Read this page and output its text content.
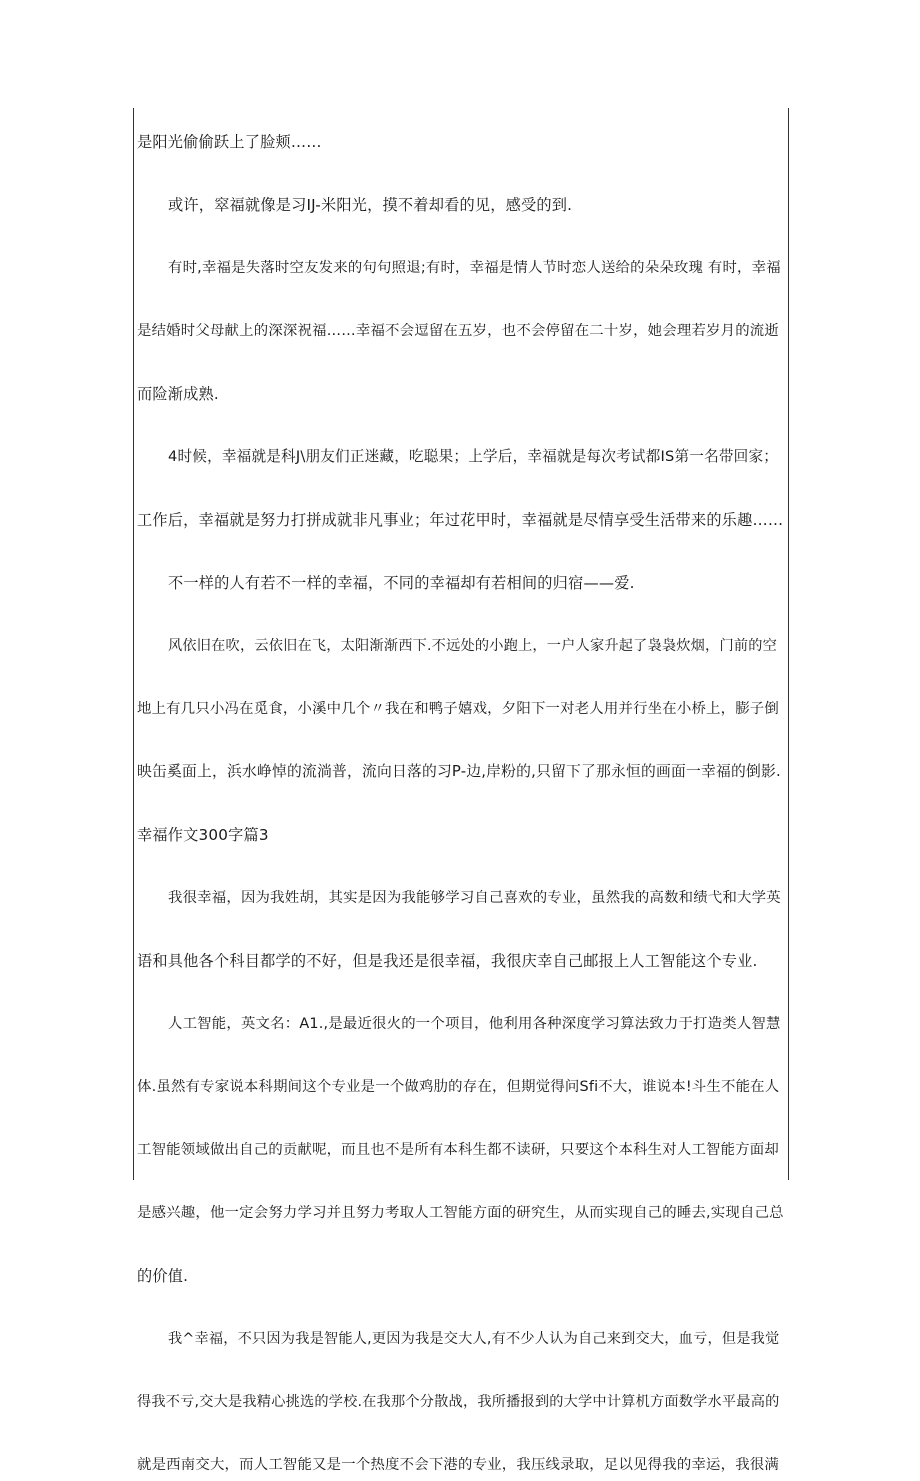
是阳光偷偷跃上了脸颊……
或许，窣福就像是习IJ-米阳光，摸不着却看的见，感受的到.
有时,幸福是失落时空友发来的句句照退;有时，幸福是情人节时恋人送给的朵朵玫瑰 有时，幸福
是结婚时父母献上的深深祝福……幸福不会逗留在五岁，也不会停留在二十岁，她会理若岁月的流逝
而险渐成熟.
4时候，幸福就是科J\朋友们正迷藏，吃聪果；上学后，幸福就是每次考试都IS第一名带回家；
工作后，幸福就是努力打拼成就非凡事业；年过花甲时，幸福就是尽情享受生活带来的乐趣……
不一样的人有若不一样的幸福，不同的幸福却有若相间的归宿——爱.
风依旧在吹，云依旧在飞，太阳渐渐西下.不远处的小跑上，一户人家升起了袅袅炊烟，门前的空
地上有几只小冯在觅食，小溪中几个〃我在和鸭子嬉戏，夕阳下一对老人用并行坐在小桥上，膨子倒
映缶奚面上，浜水峥悼的流淌普，流向日落的习P-边,岸粉的,只留下了那永恒的画面一幸福的倒影.
幸福作文300字篇3
我很幸福，因为我姓胡，其实是因为我能够学习自己喜欢的专业，虽然我的高数和绩弋和大学英
语和具他各个科目都学的不好，但是我还是很幸福，我很庆幸自己邮报上人工智能这个专业.
人工智能，英文名：A1.,是最近很火的一个项目，他利用各种深度学习算法致力于打造类人智慧
体.虽然有专家说本科期间这个专业是一个做鸡肋的存在，但期觉得问Sfi不大，谁说本!斗生不能在人
工智能领域做出自己的贡献呢，而且也不是所有本科生都不读研，只要这个本科生对人工智能方面却
是感兴趣，他一定会努力学习并且努力考取人工智能方面的研究生，从而实现自己的睡去,实现自己总
的价值.
我^幸福，不只因为我是智能人,更因为我是交大人,有不少人认为自己来到交大，血亏，但是我觉
得我不亏,交大是我精心挑选的学校.在我那个分散战，我所播报到的大学中计算机方面数学水平最高的
就是西南交大，而人工智能又是一个热度不会下港的专业，我压线录取，足以见得我的幸运，我很满
